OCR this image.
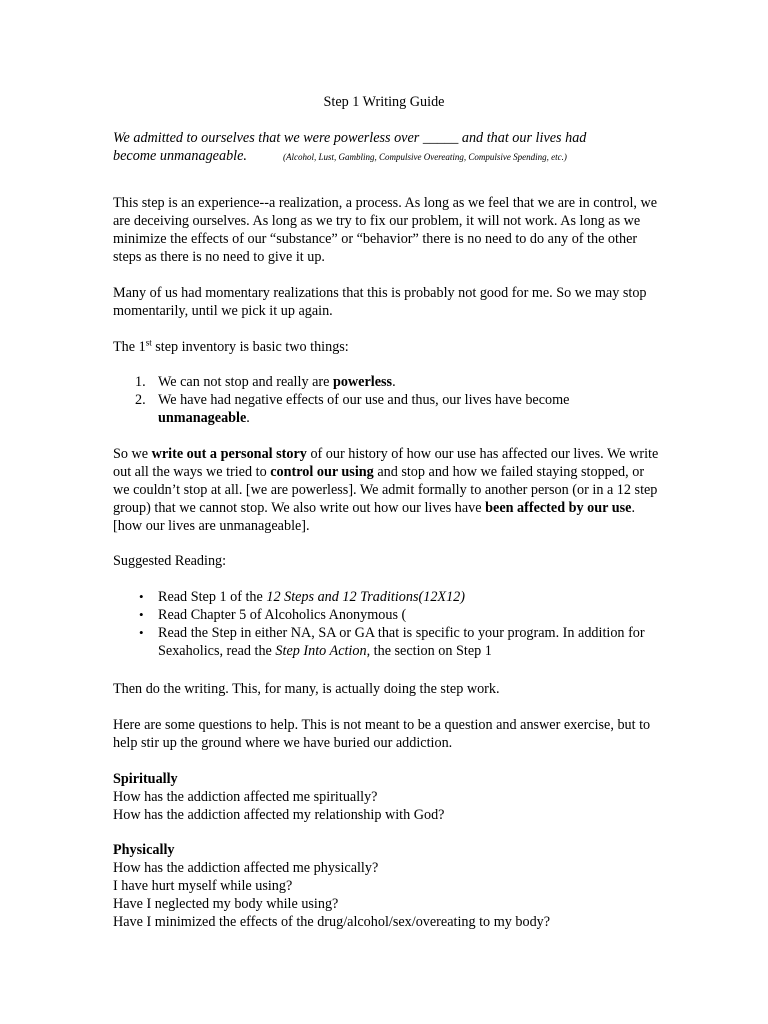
Step 1 Writing Guide
We admitted to ourselves that we were powerless over _____ and that our lives had
become unmanageable.	(Alcohol, Lust, Gambling, Compulsive Overeating, Compulsive Spending, etc.)

This step is an experience--a realization, a process. As long as we feel that we are in control, we are deceiving ourselves. As long as we try to fix our problem, it will not work. As long as we minimize the effects of our “substance” or “behavior” there is no need to do any of the other steps as there is no need to give it up.

Many of us had momentary realizations that this is probably not good for me. So we may stop momentarily, until we pick it up again.

The 1st step inventory is basic two things:

1. We can not stop and really are powerless.
2. We have had negative effects of our use and thus, our lives have become unmanageable.

So we write out a personal story of our history of how our use has affected our lives. We write out all the ways we tried to control our using and stop and how we failed staying stopped, or we couldn’t stop at all. [we are powerless]. We admit formally to another person (or in a 12 step group) that we cannot stop. We also write out how our lives have been affected by our use. [how our lives are unmanageable].

Suggested Reading:

• Read Step 1 of the 12 Steps and 12 Traditions(12X12)
• Read Chapter 5 of Alcoholics Anonymous (
• Read the Step in either NA, SA or GA that is specific to your program. In addition for Sexaholics, read the Step Into Action, the section on Step 1

Then do the writing. This, for many, is actually doing the step work.

Here are some questions to help. This is not meant to be a question and answer exercise, but to help stir up the ground where we have buried our addiction.

Spiritually

How has the addiction affected me spiritually?

How has the addiction affected my relationship with God?

Physically

How has the addiction affected me physically?

I have hurt myself while using?

Have I neglected my body while using?

Have I minimized the effects of the drug/alcohol/sex/overeating to my body?
